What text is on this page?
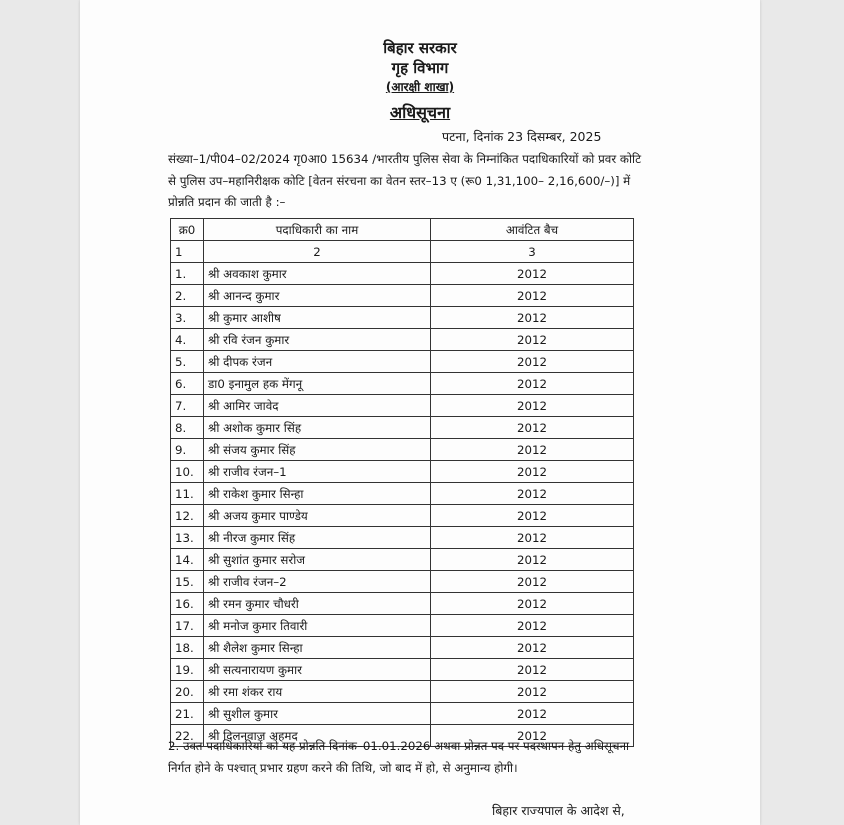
बिहार सरकार
गृह विभाग
(आरक्षी शाखा)
अधिसूचना
पटना, दिनांक 23 दिसम्बर, 2025
संख्या–1/पी04–02/2024 गृ0आ0 15634 /भारतीय पुलिस सेवा के निम्नांकित पदाधिकारियों को प्रवर कोटि से पुलिस उप–महानिरीक्षक कोटि [वेतन संरचना का वेतन स्तर–13 ए (रू0 1,31,100– 2,16,600/–)] में प्रोन्नति प्रदान की जाती है :–
क्र0	पदाधिकारी का नाम	आवंटित बैच
1	2	3
1.	श्री अवकाश कुमार	2012
2.	श्री आनन्द कुमार	2012
3.	श्री कुमार आशीष	2012
4.	श्री रवि रंजन कुमार	2012
5.	श्री दीपक रंजन	2012
6.	डा0 इनामुल हक मेंगनू	2012
7.	श्री आमिर जावेद	2012
8.	श्री अशोक कुमार सिंह	2012
9.	श्री संजय कुमार सिंह	2012
10.	श्री राजीव रंजन–1	2012
11.	श्री राकेश कुमार सिन्हा	2012
12.	श्री अजय कुमार पाण्डेय	2012
13.	श्री नीरज कुमार सिंह	2012
14.	श्री सुशांत कुमार सरोज	2012
15.	श्री राजीव रंजन–2	2012
16.	श्री रमन कुमार चौधरी	2012
17.	श्री मनोज कुमार तिवारी	2012
18.	श्री शैलेश कुमार सिन्हा	2012
19.	श्री सत्यनारायण कुमार	2012
20.	श्री रमा शंकर राय	2012
21.	श्री सुशील कुमार	2012
22.	श्री दिलनवाज अहमद	2012
2. उक्त पदाधिकारियों को यह प्रोन्नति दिनांक–01.01.2026 अथवा प्रोन्नत पद पर पदस्थापन हेतु अधिसूचना निर्गत होने के पश्चात् प्रभार ग्रहण करने की तिथि, जो बाद में हो, से अनुमान्य होगी।
बिहार राज्यपाल के आदेश से,
